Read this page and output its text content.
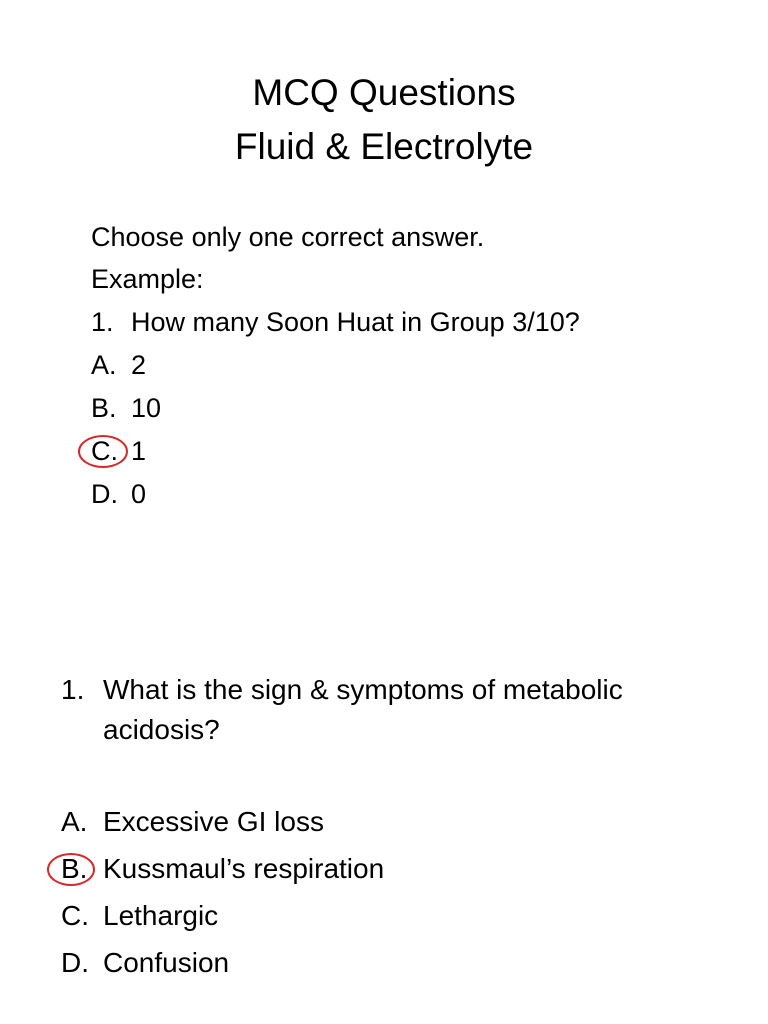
MCQ Questions
Fluid & Electrolyte
Choose only one correct answer.
Example:
1. How many Soon Huat in Group 3/10?
A. 2
B. 10
C. 1
D. 0
1. What is the sign & symptoms of metabolic
acidosis?
A. Excessive GI loss
B. Kussmaul’s respiration
C. Lethargic
D. Confusion
